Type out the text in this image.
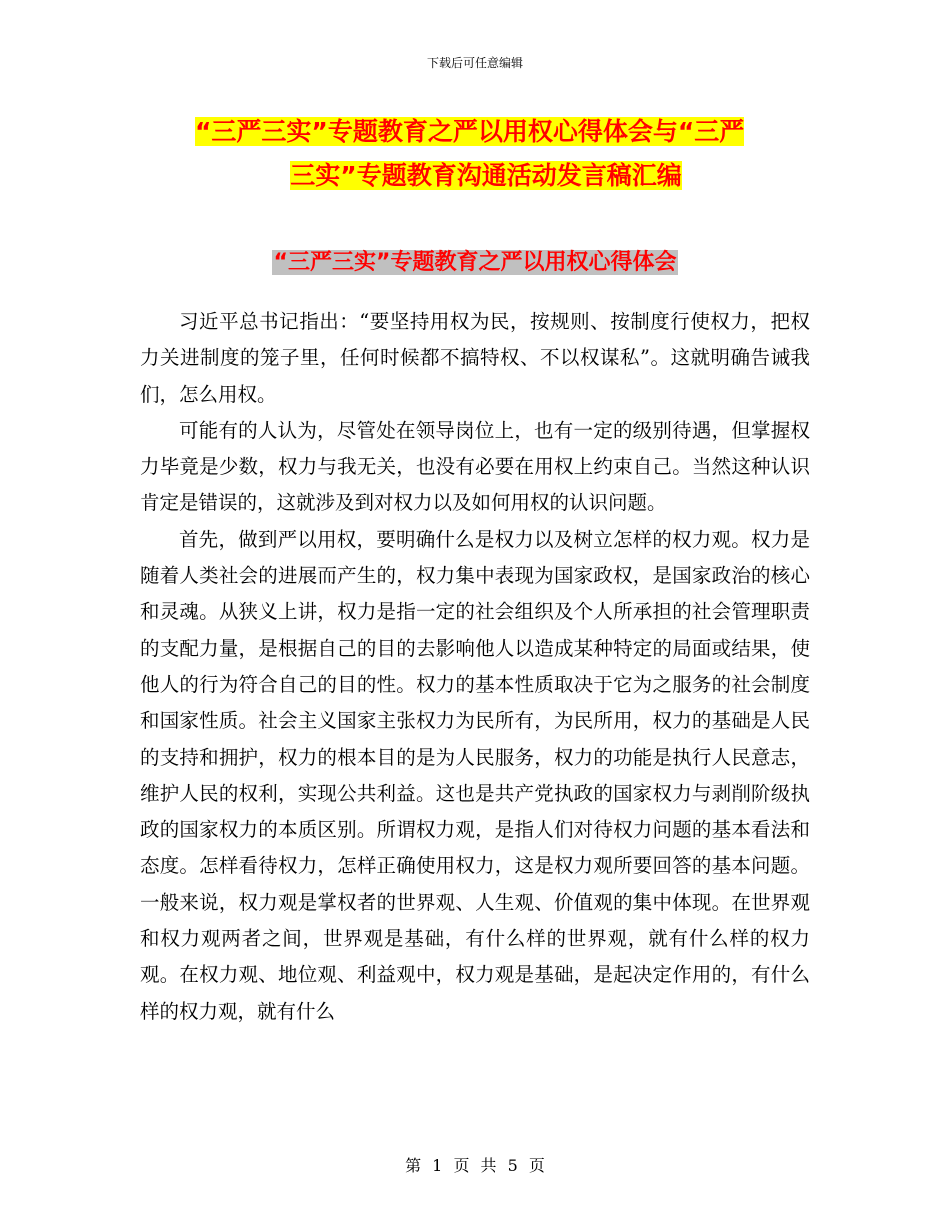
下载后可任意编辑
“三严三实”专题教育之严以用权心得体会与“三严
三实”专题教育沟通活动发言稿汇编
“三严三实”专题教育之严以用权心得体会

习近平总书记指出：“要坚持用权为民，按规则、按制度行使权力，把权力关进制度的笼子里，任何时候都不搞特权、不以权谋私”。这就明确告诫我们，怎么用权。

可能有的人认为，尽管处在领导岗位上，也有一定的级别待遇，但掌握权力毕竟是少数，权力与我无关，也没有必要在用权上约束自己。当然这种认识肯定是错误的，这就涉及到对权力以及如何用权的认识问题。

首先，做到严以用权，要明确什么是权力以及树立怎样的权力观。权力是随着人类社会的进展而产生的，权力集中表现为国家政权，是国家政治的核心和灵魂。从狭义上讲，权力是指一定的社会组织及个人所承担的社会管理职责的支配力量，是根据自己的目的去影响他人以造成某种特定的局面或结果，使他人的行为符合自己的目的性。权力的基本性质取决于它为之服务的社会制度和国家性质。社会主义国家主张权力为民所有，为民所用，权力的基础是人民的支持和拥护，权力的根本目的是为人民服务，权力的功能是执行人民意志，维护人民的权利，实现公共利益。这也是共产党执政的国家权力与剥削阶级执政的国家权力的本质区别。所谓权力观，是指人们对待权力问题的基本看法和态度。怎样看待权力，怎样正确使用权力，这是权力观所要回答的基本问题。一般来说，权力观是掌权者的世界观、人生观、价值观的集中体现。在世界观和权力观两者之间，世界观是基础，有什么样的世界观，就有什么样的权力观。在权力观、地位观、利益观中，权力观是基础，是起决定作用的，有什么样的权力观，就有什么

第 1 页 共 5 页
